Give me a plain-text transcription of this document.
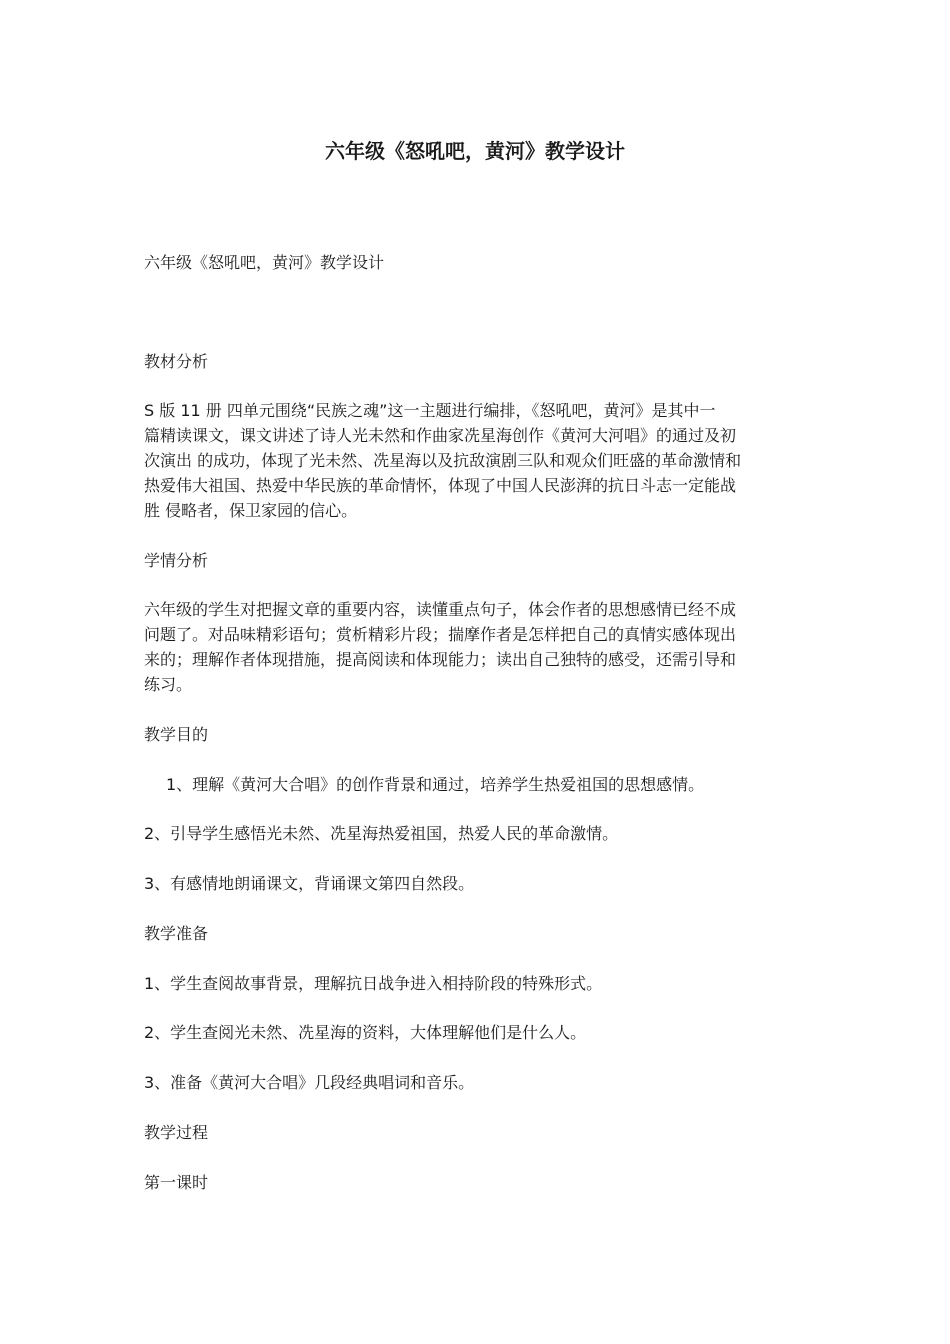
六年级《怒吼吧，黄河》教学设计

六年级《怒吼吧，黄河》教学设计

教材分析

S 版 11 册 四单元围绕“民族之魂”这一主题进行编排，《怒吼吧，黄河》是其中一
篇精读课文，课文讲述了诗人光未然和作曲家冼星海创作《黄河大河唱》的通过及初
次演出 的成功，体现了光未然、冼星海以及抗敌演剧三队和观众们旺盛的革命激情和
热爱伟大祖国、热爱中华民族的革命情怀，体现了中国人民澎湃的抗日斗志一定能战
胜 侵略者，保卫家园的信心。

学情分析

六年级的学生对把握文章的重要内容，读懂重点句子，体会作者的思想感情已经不成
问题了。对品味精彩语句；赏析精彩片段；揣摩作者是怎样把自己的真情实感体现出
来的；理解作者体现措施，提高阅读和体现能力；读出自己独特的感受，还需引导和
练习。

教学目的

1、理解《黄河大合唱》的创作背景和通过，培养学生热爱祖国的思想感情。

2、引导学生感悟光未然、冼星海热爱祖国，热爱人民的革命激情。

3、有感情地朗诵课文，背诵课文第四自然段。

教学准备

1、学生查阅故事背景，理解抗日战争进入相持阶段的特殊形式。

2、学生查阅光未然、冼星海的资料，大体理解他们是什么人。

3、准备《黄河大合唱》几段经典唱词和音乐。

教学过程

第一课时
